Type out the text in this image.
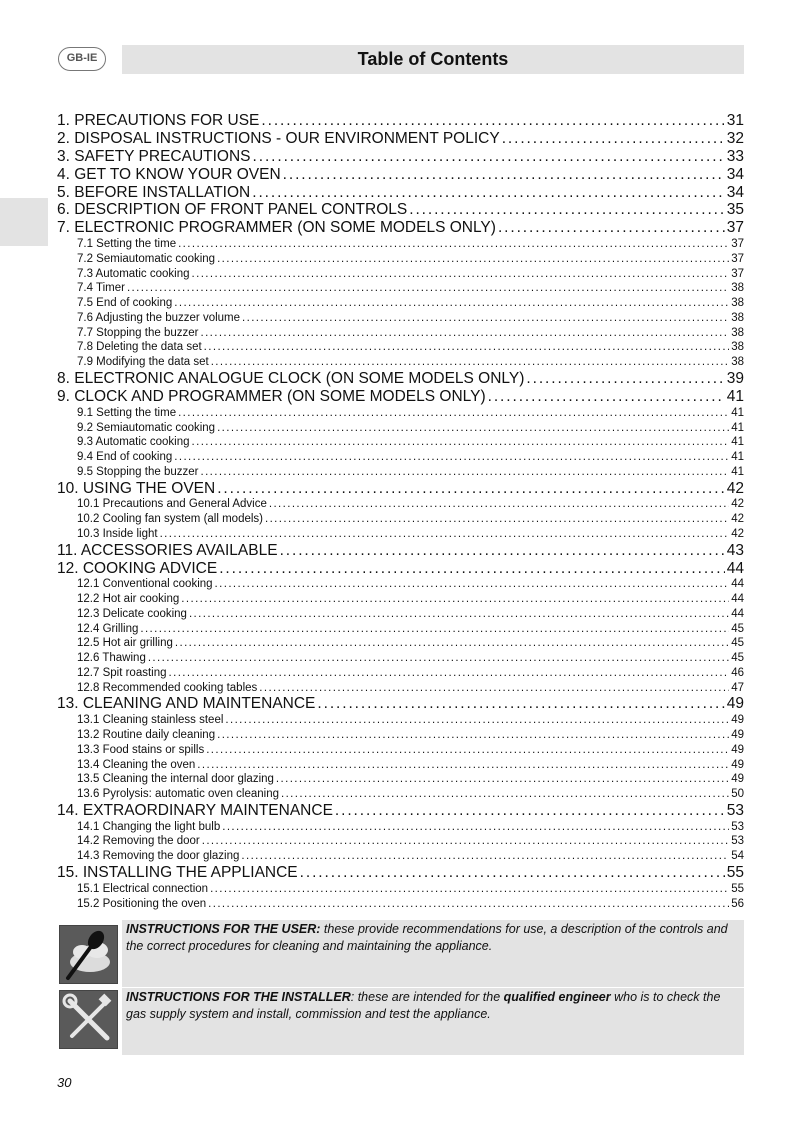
GB-IE	Table of Contents
1. PRECAUTIONS FOR USE . . .	31
2. DISPOSAL INSTRUCTIONS - OUR ENVIRONMENT POLICY . . .	32
3. SAFETY PRECAUTIONS . . .	33
4. GET TO KNOW YOUR OVEN . . .	34
5. BEFORE INSTALLATION . . .	34
6. DESCRIPTION OF FRONT PANEL CONTROLS . . .	35
7. ELECTRONIC PROGRAMMER (ON SOME MODELS ONLY) . . .	37
7.1 Setting the time . . .	37
7.2 Semiautomatic cooking . . .	37
7.3 Automatic cooking . . .	37
7.4 Timer . . .	38
7.5 End of cooking . . .	38
7.6 Adjusting the buzzer volume . . .	38
7.7 Stopping the buzzer . . .	38
7.8 Deleting the data set . . .	38
7.9 Modifying the data set . . .	38
8. ELECTRONIC ANALOGUE CLOCK (ON SOME MODELS ONLY) . . .	39
9. CLOCK AND PROGRAMMER (ON SOME MODELS ONLY) . . .	41
9.1 Setting the time . . .	41
9.2 Semiautomatic cooking . . .	41
9.3 Automatic cooking . . .	41
9.4 End of cooking . . .	41
9.5 Stopping the buzzer . . .	41
10. USING THE OVEN . . .	42
10.1 Precautions and General Advice . . .	42
10.2 Cooling fan system (all models) . . .	42
10.3 Inside light . . .	42
11. ACCESSORIES AVAILABLE . . .	43
12. COOKING ADVICE . . .	44
12.1 Conventional cooking . . .	44
12.2 Hot air cooking . . .	44
12.3 Delicate cooking . . .	44
12.4 Grilling . . .	45
12.5 Hot air grilling . . .	45
12.6 Thawing . . .	45
12.7 Spit roasting . . .	46
12.8 Recommended cooking tables . . .	47
13. CLEANING AND MAINTENANCE . . .	49
13.1 Cleaning stainless steel . . .	49
13.2 Routine daily cleaning . . .	49
13.3 Food stains or spills . . .	49
13.4 Cleaning the oven . . .	49
13.5 Cleaning the internal door glazing . . .	49
13.6 Pyrolysis: automatic oven cleaning . . .	50
14. EXTRAORDINARY MAINTENANCE . . .	53
14.1 Changing the light bulb . . .	53
14.2 Removing the door . . .	53
14.3 Removing the door glazing . . .	54
15. INSTALLING THE APPLIANCE . . .	55
15.1 Electrical connection . . .	55
15.2 Positioning the oven . . .	56
INSTRUCTIONS FOR THE USER: these provide recommendations for use, a description of the controls and the correct procedures for cleaning and maintaining the appliance.
INSTRUCTIONS FOR THE INSTALLER: these are intended for the qualified engineer who is to check the gas supply system and install, commission and test the appliance.
30
